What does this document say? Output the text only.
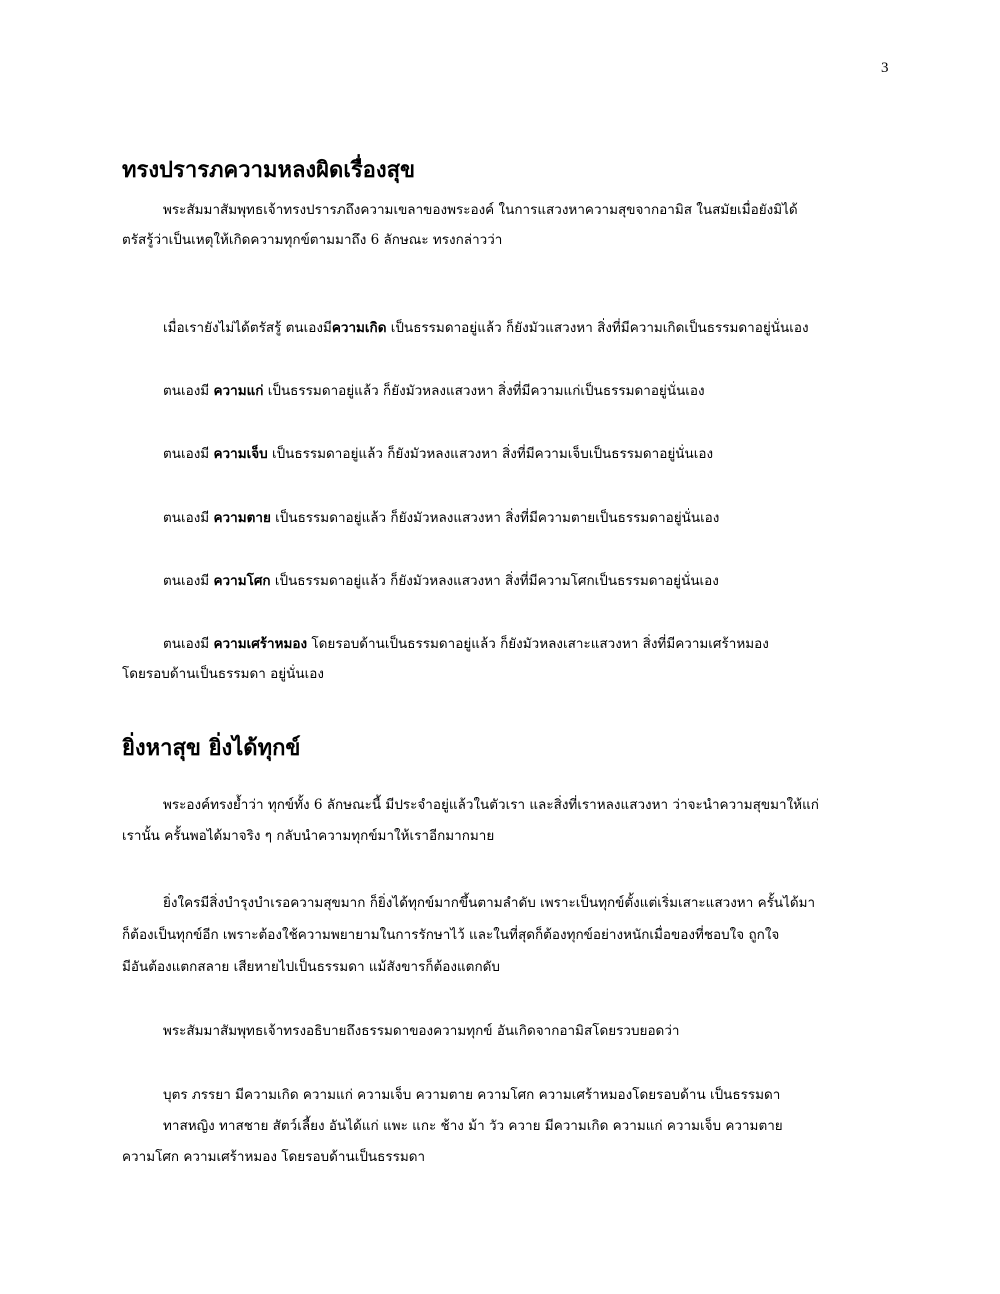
3
ทรงปรารภความหลงผิดเรื่องสุข
พระสัมมาสัมพุทธเจ้าทรงปรารภถึงความเขลาของพระองค์ ในการแสวงหาความสุขจากอามิส ในสมัยเมื่อยังมิได้
ตรัสรู้ว่าเป็นเหตุให้เกิดความทุกข์ตามมาถึง 6 ลักษณะ ทรงกล่าวว่า
เมื่อเรายังไม่ได้ตรัสรู้ ตนเองมีความเกิด เป็นธรรมดาอยู่แล้ว ก็ยังมัวแสวงหา สิ่งที่มีความเกิดเป็นธรรมดาอยู่นั่นเอง
ตนเองมี ความแก่ เป็นธรรมดาอยู่แล้ว ก็ยังมัวหลงแสวงหา สิ่งที่มีความแก่เป็นธรรมดาอยู่นั่นเอง
ตนเองมี ความเจ็บ เป็นธรรมดาอยู่แล้ว ก็ยังมัวหลงแสวงหา สิ่งที่มีความเจ็บเป็นธรรมดาอยู่นั่นเอง
ตนเองมี ความตาย เป็นธรรมดาอยู่แล้ว ก็ยังมัวหลงแสวงหา สิ่งที่มีความตายเป็นธรรมดาอยู่นั่นเอง
ตนเองมี ความโศก เป็นธรรมดาอยู่แล้ว ก็ยังมัวหลงแสวงหา สิ่งที่มีความโศกเป็นธรรมดาอยู่นั่นเอง
ตนเองมี ความเศร้าหมอง โดยรอบด้านเป็นธรรมดาอยู่แล้ว ก็ยังมัวหลงเสาะแสวงหา สิ่งที่มีความเศร้าหมอง
โดยรอบด้านเป็นธรรมดา อยู่นั่นเอง
ยิ่งหาสุข ยิ่งได้ทุกข์
พระองค์ทรงย้ำว่า ทุกข์ทั้ง 6 ลักษณะนี้ มีประจำอยู่แล้วในตัวเรา และสิ่งที่เราหลงแสวงหา ว่าจะนำความสุขมาให้แก่
เรานั้น ครั้นพอได้มาจริง ๆ กลับนำความทุกข์มาให้เราอีกมากมาย
ยิ่งใครมีสิ่งบำรุงบำเรอความสุขมาก ก็ยิ่งได้ทุกข์มากขึ้นตามลำดับ เพราะเป็นทุกข์ตั้งแต่เริ่มเสาะแสวงหา ครั้นได้มา
ก็ต้องเป็นทุกข์อีก เพราะต้องใช้ความพยายามในการรักษาไว้ และในที่สุดก็ต้องทุกข์อย่างหนักเมื่อของที่ชอบใจ ถูกใจ
มีอันต้องแตกสลาย เสียหายไปเป็นธรรมดา แม้สังขารก็ต้องแตกดับ
พระสัมมาสัมพุทธเจ้าทรงอธิบายถึงธรรมดาของความทุกข์ อันเกิดจากอามิสโดยรวบยอดว่า
บุตร ภรรยา มีความเกิด ความแก่ ความเจ็บ ความตาย ความโศก ความเศร้าหมองโดยรอบด้าน เป็นธรรมดา
ทาสหญิง ทาสชาย สัตว์เลี้ยง อันได้แก่ แพะ แกะ ช้าง ม้า วัว ควาย มีความเกิด ความแก่ ความเจ็บ ความตาย
ความโศก ความเศร้าหมอง โดยรอบด้านเป็นธรรมดา
